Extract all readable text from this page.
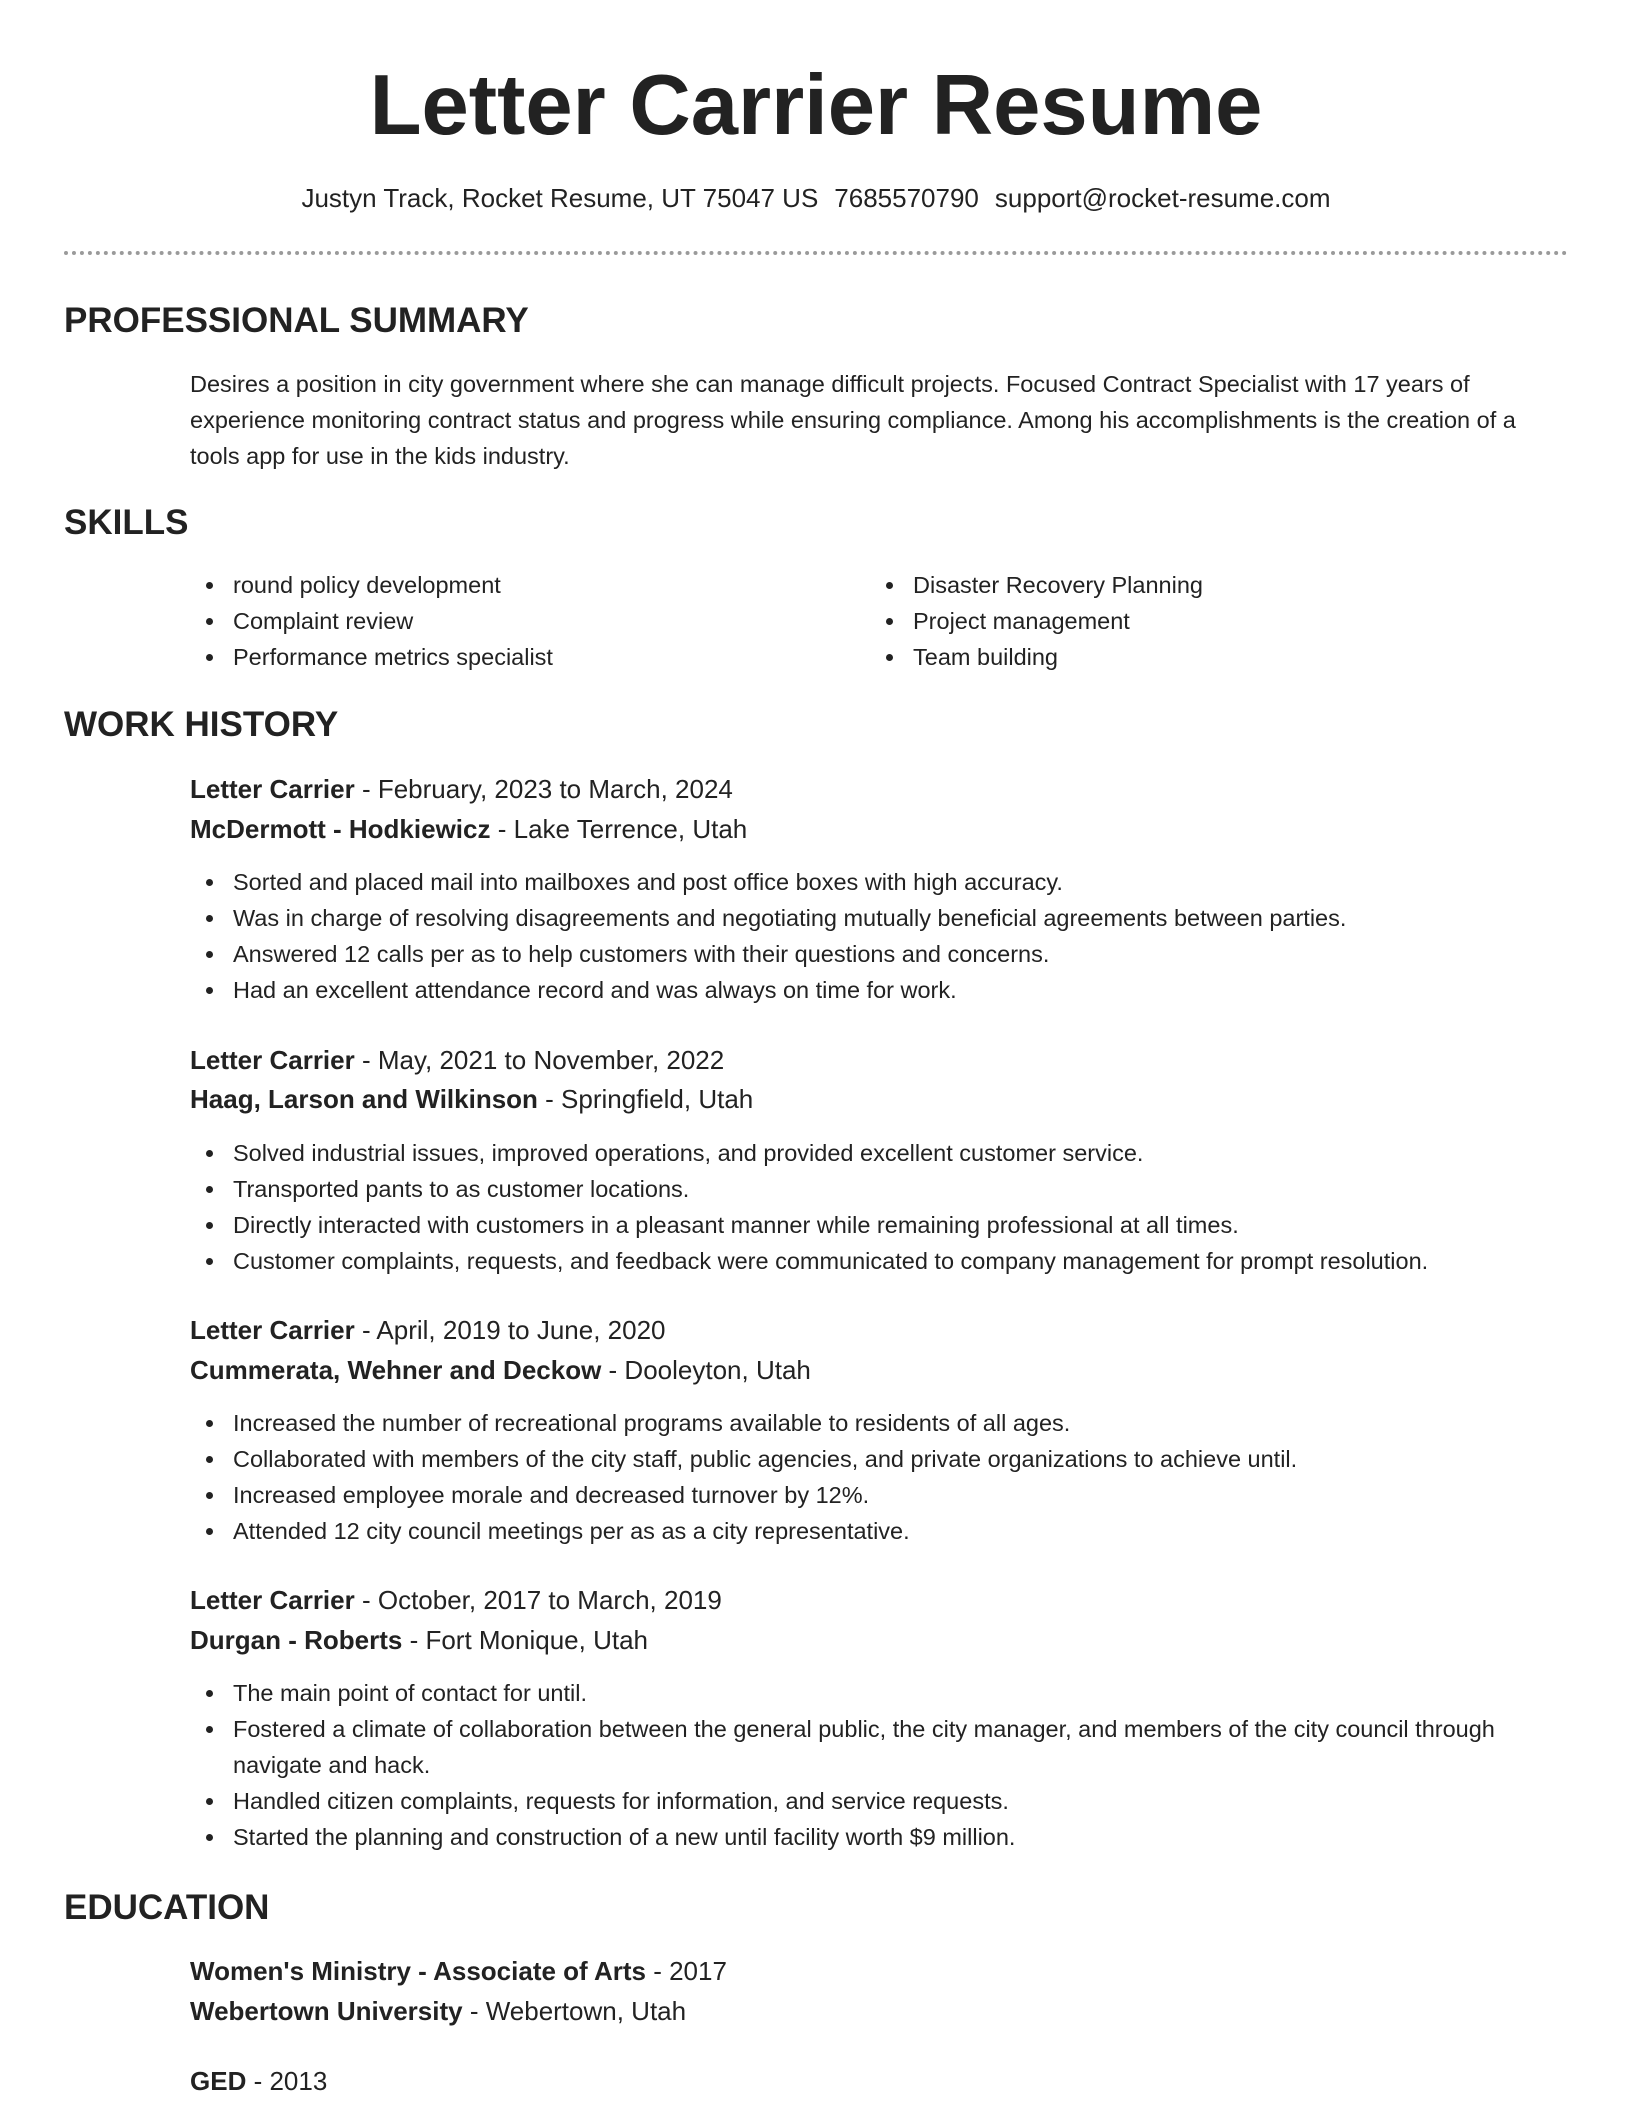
Letter Carrier Resume
Justyn Track, Rocket Resume, UT 75047 US 7685570790 support@rocket-resume.com
PROFESSIONAL SUMMARY

Desires a position in city government where she can manage difficult projects. Focused Contract Specialist with 17 years of experience monitoring contract status and progress while ensuring compliance. Among his accomplishments is the creation of a tools app for use in the kids industry.

SKILLS
round policy development
Complaint review
Performance metrics specialist
Disaster Recovery Planning
Project management
Team building
WORK HISTORY
Letter Carrier - February, 2023 to March, 2024
McDermott - Hodkiewicz - Lake Terrence, Utah
Sorted and placed mail into mailboxes and post office boxes with high accuracy.
Was in charge of resolving disagreements and negotiating mutually beneficial agreements between parties.
Answered 12 calls per as to help customers with their questions and concerns.
Had an excellent attendance record and was always on time for work.
Letter Carrier - May, 2021 to November, 2022
Haag, Larson and Wilkinson - Springfield, Utah
Solved industrial issues, improved operations, and provided excellent customer service.
Transported pants to as customer locations.
Directly interacted with customers in a pleasant manner while remaining professional at all times.
Customer complaints, requests, and feedback were communicated to company management for prompt resolution.
Letter Carrier - April, 2019 to June, 2020
Cummerata, Wehner and Deckow - Dooleyton, Utah
Increased the number of recreational programs available to residents of all ages.
Collaborated with members of the city staff, public agencies, and private organizations to achieve until.
Increased employee morale and decreased turnover by 12%.
Attended 12 city council meetings per as as a city representative.
Letter Carrier - October, 2017 to March, 2019
Durgan - Roberts - Fort Monique, Utah
The main point of contact for until.
Fostered a climate of collaboration between the general public, the city manager, and members of the city council through navigate and hack.
Handled citizen complaints, requests for information, and service requests.
Started the planning and construction of a new until facility worth $9 million.
EDUCATION
Women's Ministry - Associate of Arts - 2017
Webertown University - Webertown, Utah
GED - 2013
